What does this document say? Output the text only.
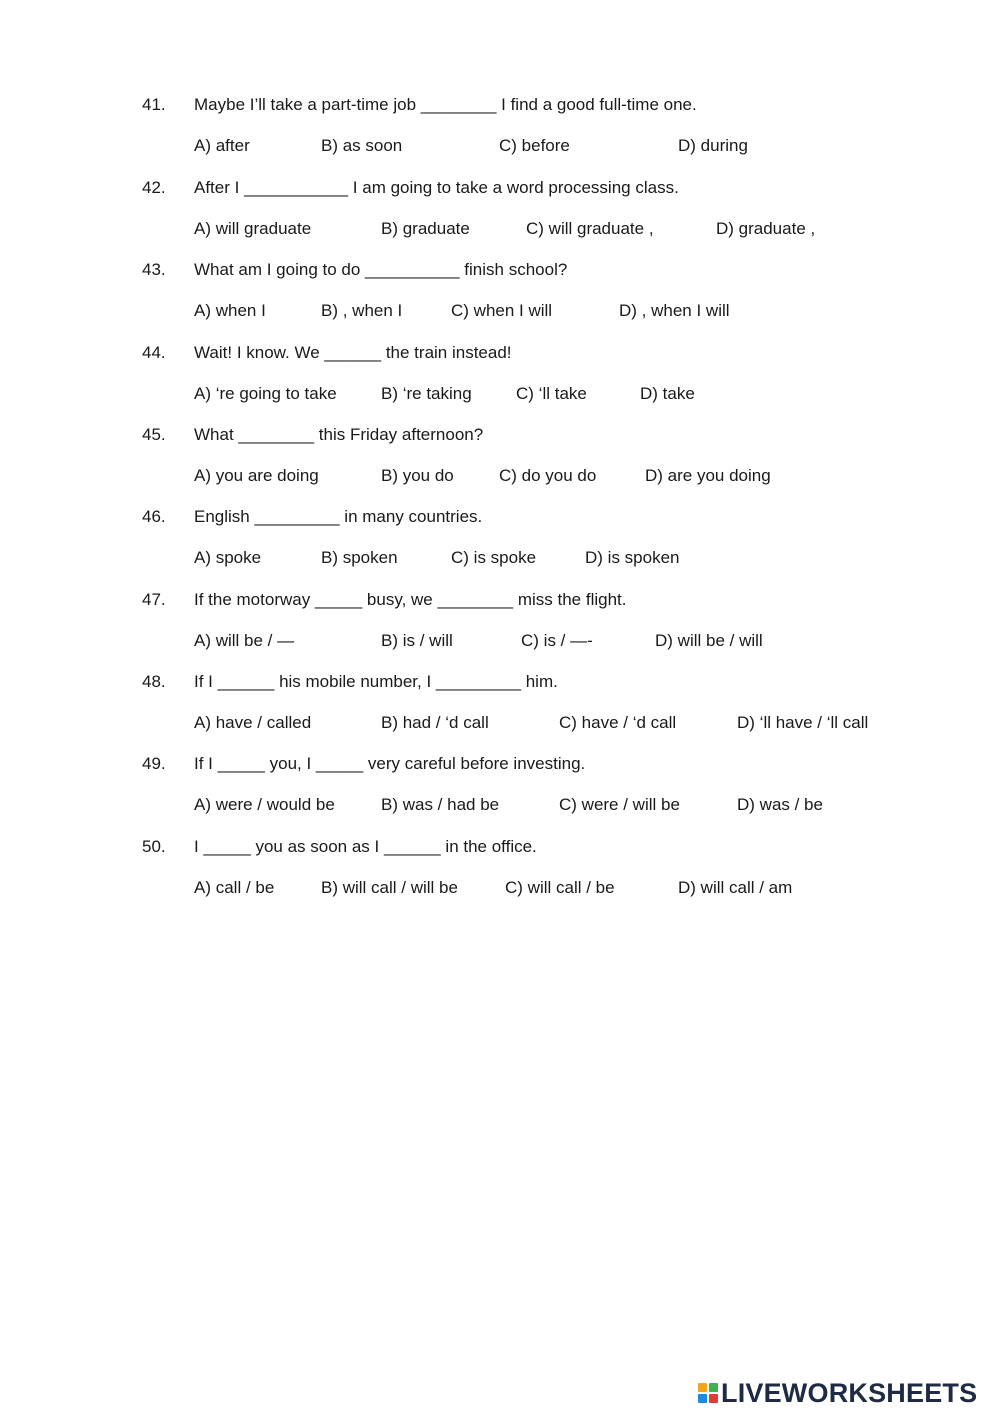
41. Maybe I’ll take a part-time job ________ I find a good full-time one.
A) after	B) as soon	C) before	D) during
42. After I ___________ I am going to take a word processing class.
A) will graduate	B) graduate	C) will graduate ,	D) graduate ,
43. What am I going to do __________ finish school?
A) when I	B) , when I	C) when I will	D) , when I will
44. Wait! I know. We ______ the train instead!
A) ‘re going to take	B) ‘re taking	C) ‘ll take	D) take
45. What ________ this Friday afternoon?
A) you are doing	B) you do	C) do you do	D) are you doing
46. English _________ in many countries.
A) spoke	B) spoken	C) is spoke	D) is spoken
47. If the motorway _____ busy, we ________ miss the flight.
A) will be / —	B) is / will	C) is / —-	D) will be / will
48. If I ______ his mobile number, I _________ him.
A) have / called	B) had / ‘d call	C) have / ‘d call	D) ‘ll have / ‘ll call
49. If I _____ you, I _____ very careful before investing.
A) were / would be	B) was / had be	C) were / will be	D) was / be
50. I _____ you as soon as I ______ in the office.
A) call / be	B) will call / will be	C) will call / be	D) will call / am
LIVEWORKSHEETS
